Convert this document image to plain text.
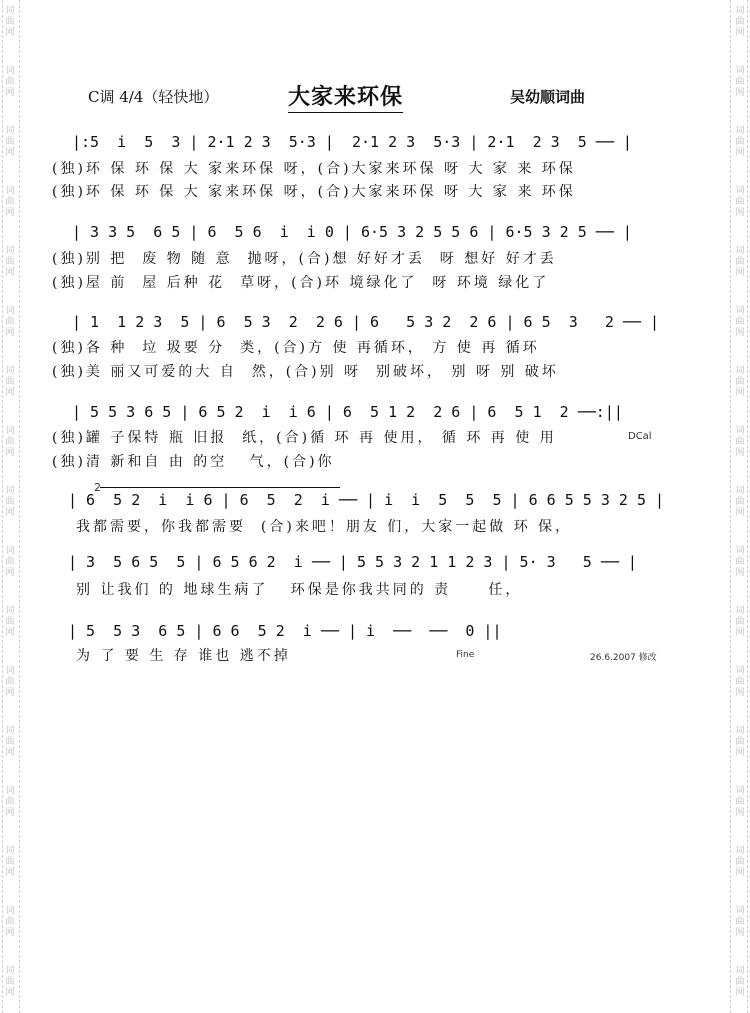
词
曲
网
词
曲
网
词
曲
网
词
曲
网
词
曲
网
词
曲
网
词
曲
网
词
曲
网
词
曲
网
词
曲
网
词
曲
网
词
曲
网
词
曲
网
词
曲
网
词
曲
网
词
曲
网
词
曲
网
词
曲
网
词
曲
网
词
曲
网
词
曲
网
词
曲
网
词
曲
网
词
曲
网
词
曲
网
词
曲
网
词
曲
网
词
曲
网
词
曲
网
词
曲
网
词
曲
网
词
曲
网
词
曲
网
词
曲
网
C调 4/4（轻快地）	大家来环保	吴幼顺词曲
|:5  i  5  3 | 2·1 2 3  5·3 |  2·1 2 3  5·3 | 2·1  2 3  5 ── |
(独)环 保 环 保 大 家来环保 呀，(合)大家来环保 呀 大 家 来 环保
(独)环 保 环 保 大 家来环保 呀，(合)大家来环保 呀 大 家 来 环保
| 3 3 5  6 5 | 6  5 6  i  i 0 | 6·5 3 2 5 5 6 | 6·5 3 2 5 ── |
(独)别 把  废 物 随 意  抛呀，(合)想 好好才丢  呀 想好 好才丢
(独)屋 前  屋 后种 花  草呀，(合)环 境绿化了  呀 环境 绿化了
| 1  1 2 3  5 | 6  5 3  2  2 6 | 6   5 3 2  2 6 | 6 5  3   2 ── |
(独)各 种  垃 圾要 分  类，(合)方 使 再循环， 方 使 再 循环
(独)美 丽又可爱的大 自  然，(合)别 呀  别破坏， 别 呀 别 破坏
| 5 5 3 6 5 | 6 5 2  i  i 6 | 6  5 1 2  2 6 | 6  5 1  2 ──:||
(独)罐 子保特 瓶 旧报  纸，(合)循 环 再 使用， 循 环 再 使 用	DCal
(独)清 新和自 由 的空   气，(合)你
2
| 6  5 2  i  i 6 | 6  5  2  i ── | i  i  5  5  5 | 6 6 5 5 3 2 5 |
我都需要，你我都需要  (合)来吧！朋友 们，大家一起做 环 保，
| 3  5 6 5  5 | 6 5 6 2  i ── | 5 5 3 2 1 1 2 3 | 5· 3   5 ── |
别 让我们 的 地球生病了   环保是你我共同的 责     任，
| 5  5 3  6 5 | 6 6  5 2  i ── | i  ──  ──  0 ||
为 了 要 生 存 谁也 逃不掉	Fine	26.6.2007 修改
